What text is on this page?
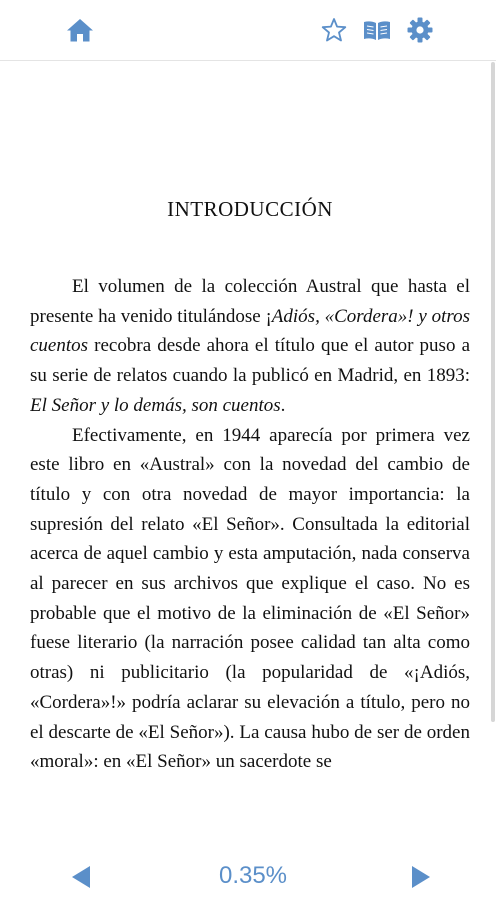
INTRODUCCIÓN

El volumen de la colección Austral que hasta el presente ha venido titulándose ¡Adiós, «Cordera»! y otros cuentos recobra desde ahora el título que el autor puso a su serie de relatos cuando la publicó en Madrid, en 1893: El Señor y lo demás, son cuentos.

Efectivamente, en 1944 aparecía por primera vez este libro en «Austral» con la novedad del cambio de título y con otra novedad de mayor importancia: la supresión del relato «El Señor». Consultada la editorial acerca de aquel cambio y esta amputación, nada conserva al parecer en sus archivos que explique el caso. No es probable que el motivo de la eliminación de «El Señor» fuese literario (la narración posee calidad tan alta como otras) ni publicitario (la popularidad de «¡Adiós, «Cordera»!» podría aclarar su elevación a título, pero no el descarte de «El Señor»). La causa hubo de ser de orden «moral»: en «El Señor» un sacerdote se

0.35%
